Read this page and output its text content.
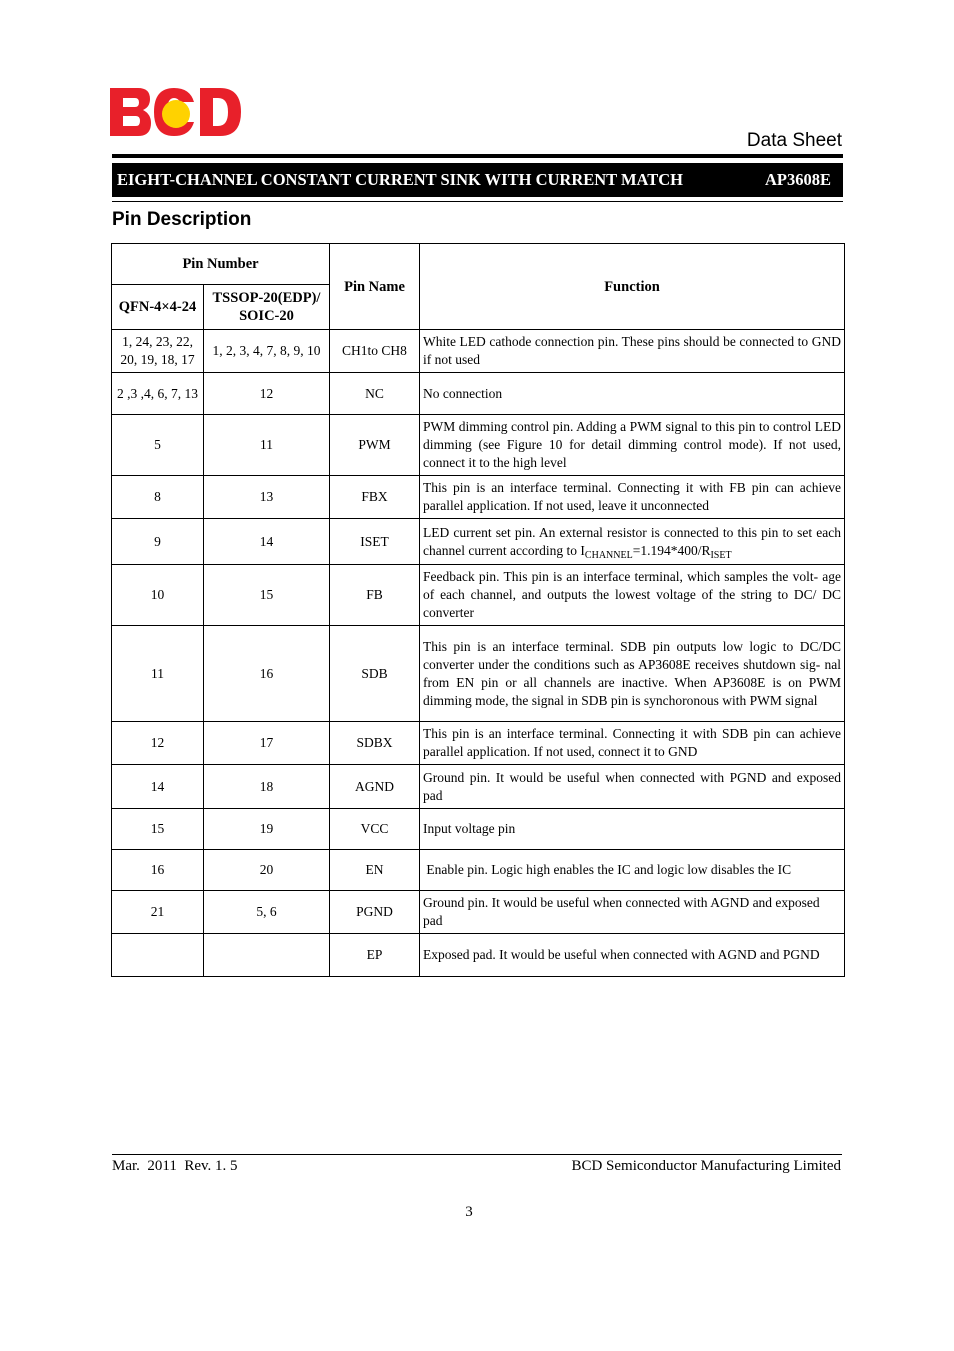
Data Sheet
EIGHT-CHANNEL CONSTANT CURRENT SINK WITH CURRENT MATCH	AP3608E
Pin Description
Pin Number		Pin Name	Function
QFN-4×4-24	TSSOP-20(EDP)/
SOIC-20		
1, 24, 23, 22, 20, 19, 18, 17	1, 2, 3, 4, 7, 8, 9, 10	CH1to CH8	White LED cathode connection pin. These pins should be connected to GND if not used
2 ,3 ,4, 6, 7, 13	12	NC	No connection
5	11	PWM	PWM dimming control pin. Adding a PWM signal to this pin to control LED dimming (see Figure 10 for detail dimming control mode). If not used, connect it to the high level
8	13	FBX	This pin is an interface terminal. Connecting it with FB pin can achieve parallel application. If not used, leave it unconnected
9	14	ISET	LED current set pin. An external resistor is connected to this pin to set each channel current according to $I_{CHANNEL}=1.194*400/R_{ISET}$
10	15	FB	Feedback pin. This pin is an interface terminal, which samples the volt- age of each channel, and outputs the lowest voltage of the string to DC/ DC converter
11	16	SDB	This pin is an interface terminal. SDB pin outputs low logic to DC/DC converter under the conditions such as AP3608E receives shutdown sig- nal from EN pin or all channels are inactive. When AP3608E is on PWM dimming mode, the signal in SDB pin is synchoronous with PWM signal
12	17	SDBX	This pin is an interface terminal. Connecting it with SDB pin can achieve parallel application. If not used, connect it to GND
14	18	AGND	Ground pin. It would be useful when connected with PGND and exposed pad
15	19	VCC	Input voltage pin
16	20	EN	Enable pin. Logic high enables the IC and logic low disables the IC
21	5, 6	PGND	Ground pin. It would be useful when connected with AGND and exposed pad
		EP	Exposed pad. It would be useful when connected with AGND and PGND
Mar.  2011  Rev. 1. 5	BCD Semiconductor Manufacturing Limited
3
